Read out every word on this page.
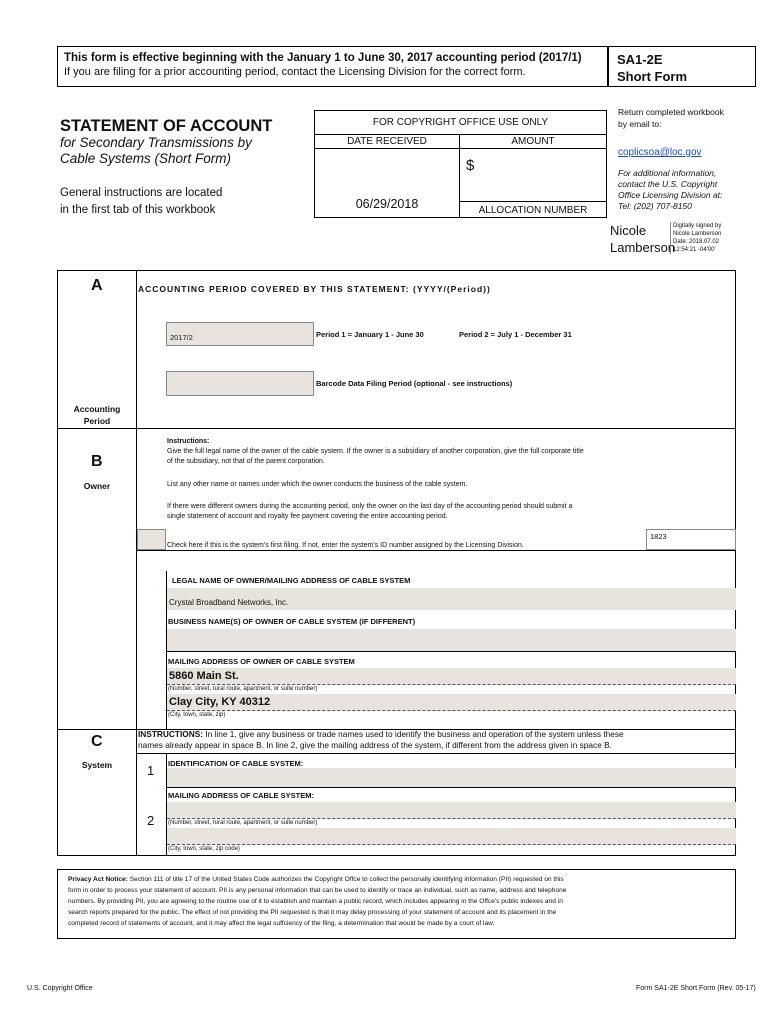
This form is effective beginning with the January 1 to June 30, 2017 accounting period (2017/1)
If you are filing for a prior accounting period, contact the Licensing Division for the correct form.
SA1-2E
Short Form
STATEMENT OF ACCOUNT
for Secondary Transmissions by
Cable Systems (Short Form)
General instructions are located
in the first tab of this workbook
FOR COPYRIGHT OFFICE USE ONLY
DATE RECEIVED
06/29/2018
AMOUNT
$
ALLOCATION NUMBER
Return completed workbook
by email to:
coplicsoa@loc.gov
For additional information,
contact the U.S. Copyright
Office Licensing Division at:
Tel: (202) 707-8150
Nicole
Lamberson
Digitally signed by
Nicole Lamberson
Date: 2018.07.02
12:54:21 -04'00'
A	ACCOUNTING PERIOD COVERED BY THIS STATEMENT: (YYYY/(Period))
2017/2	Period 1 = January 1 - June 30	Period 2 = July 1 - December 31
Barcode Data Filing Period (optional - see instructions)
Accounting
Period
B
Owner
Instructions:
Give the full legal name of the owner of the cable system. If the owner is a subsidiary of another corporation, give the full corporate title
of the subsidiary, not that of the parent corporation.
List any other name or names under which the owner conducts the business of the cable system.
If there were different owners during the accounting period, only the owner on the last day of the accounting period should submit a
single statement of account and royalty fee payment covering the entire accounting period.
Check here if this is the system's first filing. If not, enter the system's ID number assigned by the Licensing Division.
1823
LEGAL NAME OF OWNER/MAILING ADDRESS OF CABLE SYSTEM
Crystal Broadband Networks, Inc.
BUSINESS NAME(S) OF OWNER OF CABLE SYSTEM (IF DIFFERENT)
MAILING ADDRESS OF OWNER OF CABLE SYSTEM
5860 Main St.
(Number, street, rural route, apartment, or suite number)
Clay City, KY 40312
(City, town, state, zip)
C
System
INSTRUCTIONS: In line 1, give any business or trade names used to identify the business and operation of the system unless these
names already appear in space B. In line 2, give the mailing address of the system, if different from the address given in space B.
1 IDENTIFICATION OF CABLE SYSTEM:
MAILING ADDRESS OF CABLE SYSTEM:
2 (Number, street, rural route, apartment, or suite number)
(City, town, state, zip code)
Privacy Act Notice: Section 111 of title 17 of the United States Code authorizes the Copyright Offce to collect the personally identifying information (PII) requested on this
form in order to process your statement of account. PII is any personal information that can be used to identify or trace an individual, such as name, address and telephone
numbers. By providing PII, you are agreeing to the routine use of it to establish and maintain a public record, which includes appearing in the Offce's public indexes and in
search reports prepared for the public. The effect of not providing the PII requested is that it may delay processing of your statement of account and its placement in the
completed record of statements of account, and it may affect the legal suffciency of the fling, a determination that would be made by a court of law.
U.S. Copyright Office	Form SA1-2E Short Form (Rev. 05-17)
